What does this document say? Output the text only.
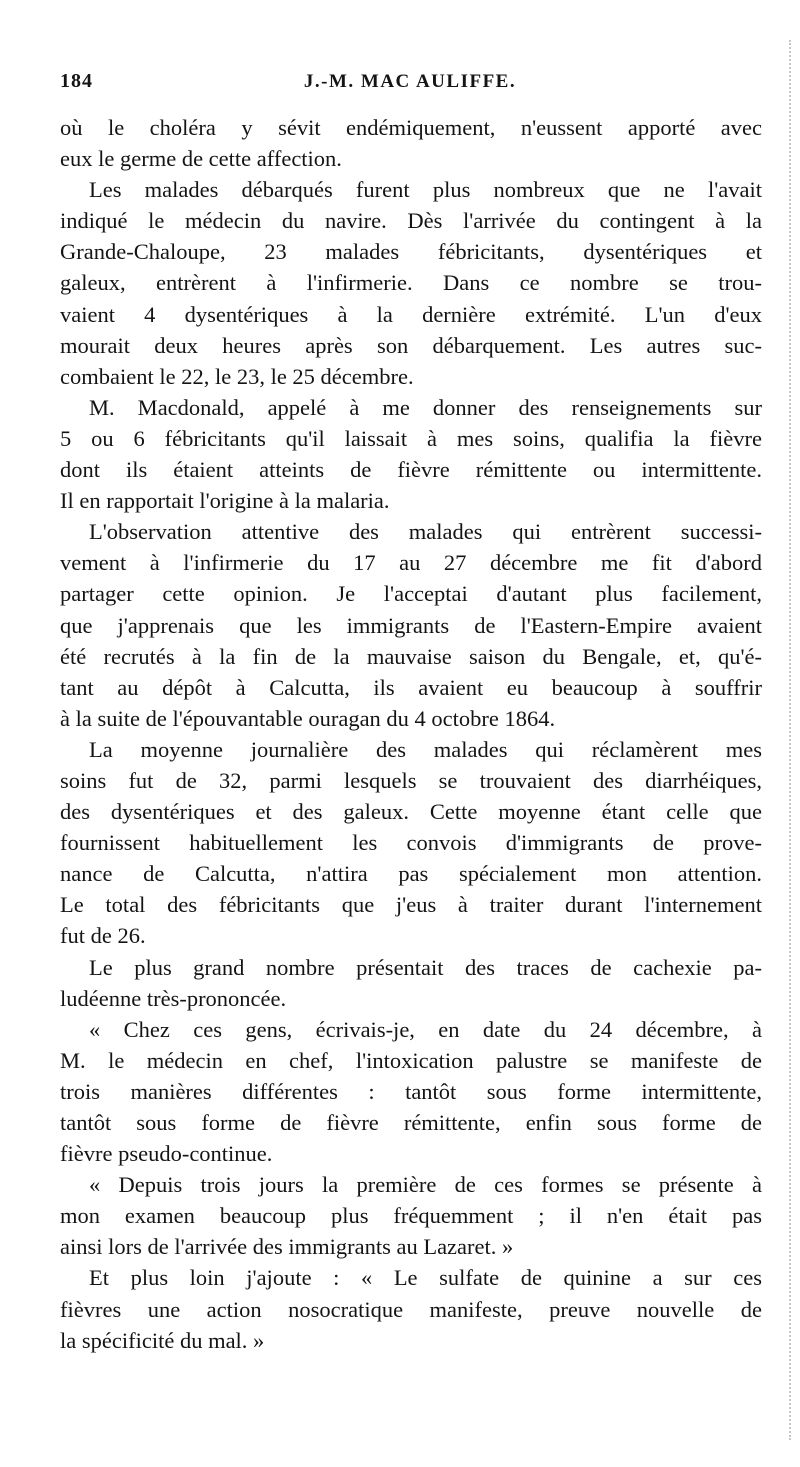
184	J.-M. MAC AULIFFE.
où le choléra y sévit endémiquement, n'eussent apporté avec
eux le germe de cette affection.
Les malades débarqués furent plus nombreux que ne l'avait
indiqué le médecin du navire. Dès l'arrivée du contingent à la
Grande-Chaloupe, 23 malades fébricitants, dysentériques et
galeux, entrèrent à l'infirmerie. Dans ce nombre se trou-
vaient 4 dysentériques à la dernière extrémité. L'un d'eux
mourait deux heures après son débarquement. Les autres suc-
combaient le 22, le 23, le 25 décembre.
M. Macdonald, appelé à me donner des renseignements sur
5 ou 6 fébricitants qu'il laissait à mes soins, qualifia la fièvre
dont ils étaient atteints de fièvre rémittente ou intermittente.
Il en rapportait l'origine à la malaria.
L'observation attentive des malades qui entrèrent successi-
vement à l'infirmerie du 17 au 27 décembre me fit d'abord
partager cette opinion. Je l'acceptai d'autant plus facilement,
que j'apprenais que les immigrants de l'Eastern-Empire avaient
été recrutés à la fin de la mauvaise saison du Bengale, et, qu'é-
tant au dépôt à Calcutta, ils avaient eu beaucoup à souffrir
à la suite de l'épouvantable ouragan du 4 octobre 1864.
La moyenne journalière des malades qui réclamèrent mes
soins fut de 32, parmi lesquels se trouvaient des diarrhéiques,
des dysentériques et des galeux. Cette moyenne étant celle que
fournissent habituellement les convois d'immigrants de prove-
nance de Calcutta, n'attira pas spécialement mon attention.
Le total des fébricitants que j'eus à traiter durant l'internement
fut de 26.
Le plus grand nombre présentait des traces de cachexie pa-
ludéenne très-prononcée.
« Chez ces gens, écrivais-je, en date du 24 décembre, à
M. le médecin en chef, l'intoxication palustre se manifeste de
trois manières différentes : tantôt sous forme intermittente,
tantôt sous forme de fièvre rémittente, enfin sous forme de
fièvre pseudo-continue.
« Depuis trois jours la première de ces formes se présente à
mon examen beaucoup plus fréquemment ; il n'en était pas
ainsi lors de l'arrivée des immigrants au Lazaret. »
Et plus loin j'ajoute : « Le sulfate de quinine a sur ces
fièvres une action nosocratique manifeste, preuve nouvelle de
la spécificité du mal. »
